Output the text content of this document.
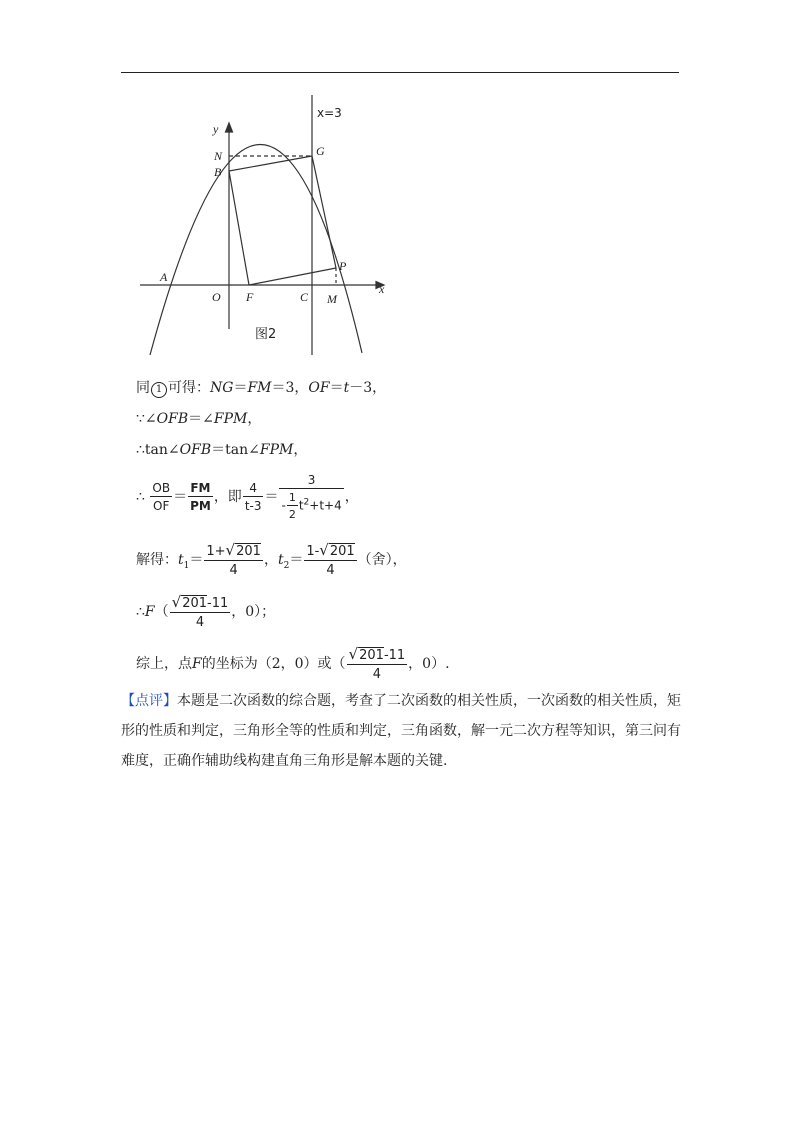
y
x
N	G
B
A
O F	C M
P
x=3
图2
同 1 可得：NG＝FM＝3，OF＝t－3，
∵∠OFB＝∠FPM，
∴tan∠OFB＝tan∠FPM，
∴ $\frac{OB}{OF} = \frac{FM}{PM}$ ，即 $\frac{4}{t-3} = \frac{3}{- \frac{1}{2} t^2+t+4}$ ，
解得：$t_1= \frac{1+√201}{4}$ ，$t_2= \frac{1-√201}{4}$ （舍），
∴F（ $\frac{√201-11}{4}$ ，0）；
综上，点F的坐标为（2，0）或（ $\frac{√201-11}{4}$ ，0）.
【点评】本题是二次函数的综合题，考查了二次函数的相关性质，一次函数的相关性质，矩形的性质和判定，三角形全等的性质和判定，三角函数，解一元二次方程等知识，第三问有难度，正确作辅助线构建直角三角形是解本题的关键.
